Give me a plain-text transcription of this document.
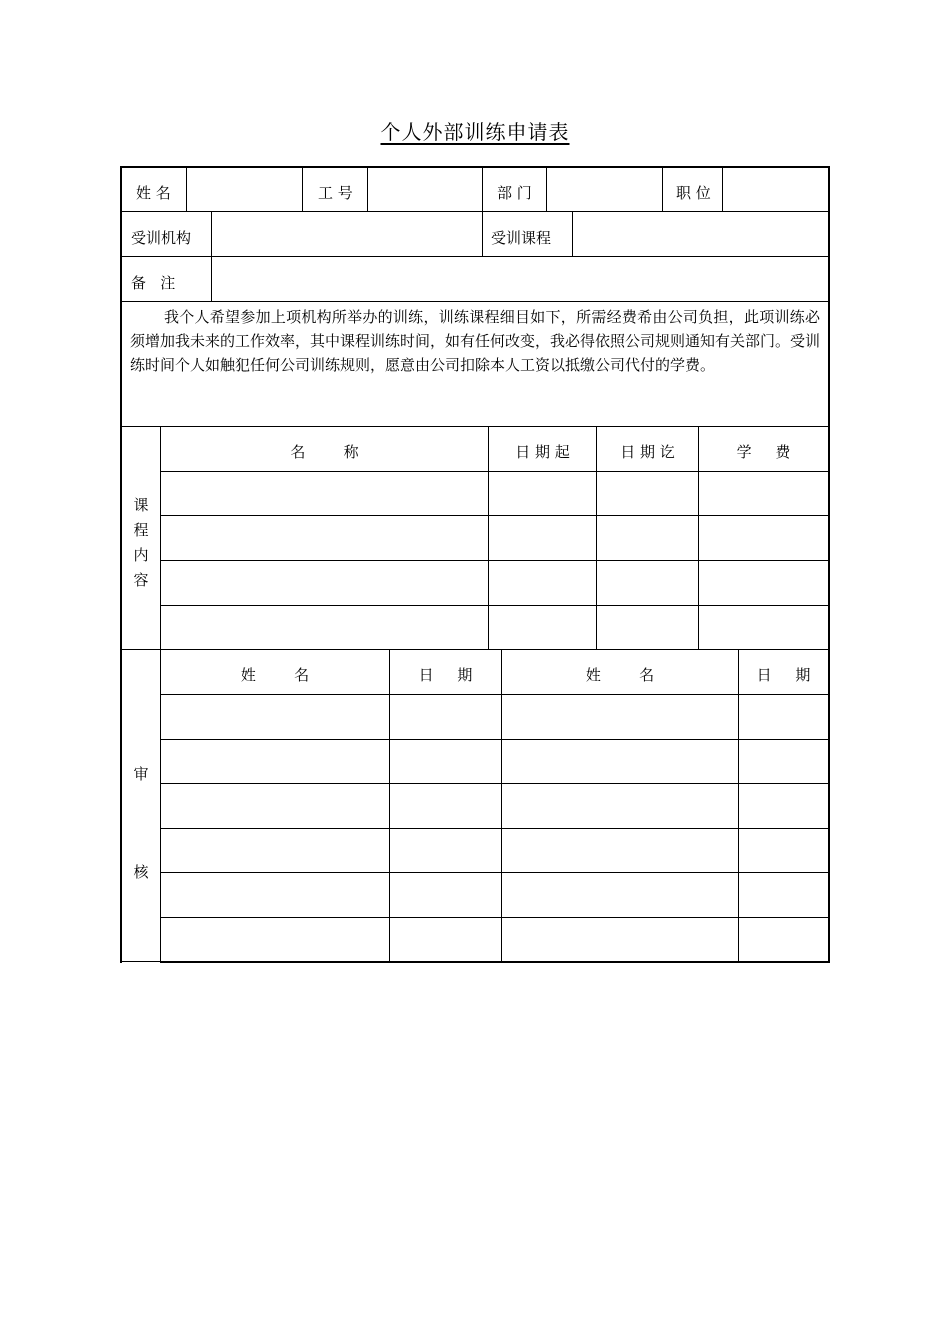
个人外部训练申请表
姓 名	工 号	部 门	职 位
受训机构	受训课程
备   注
我个人希望参加上项机构所举办的训练，训练课程细目如下，所需经费希由公司负担，此项训练必须增加我未来的工作效率，其中课程训练时间，如有任何改变，我必得依照公司规则通知有关部门。受训练时间个人如触犯任何公司训练规则，愿意由公司扣除本人工资以抵缴公司代付的学费。
课
程
内
容
名        称	日 期 起	日 期 讫	学     费
审
核
姓        名	日     期	姓        名	日     期
